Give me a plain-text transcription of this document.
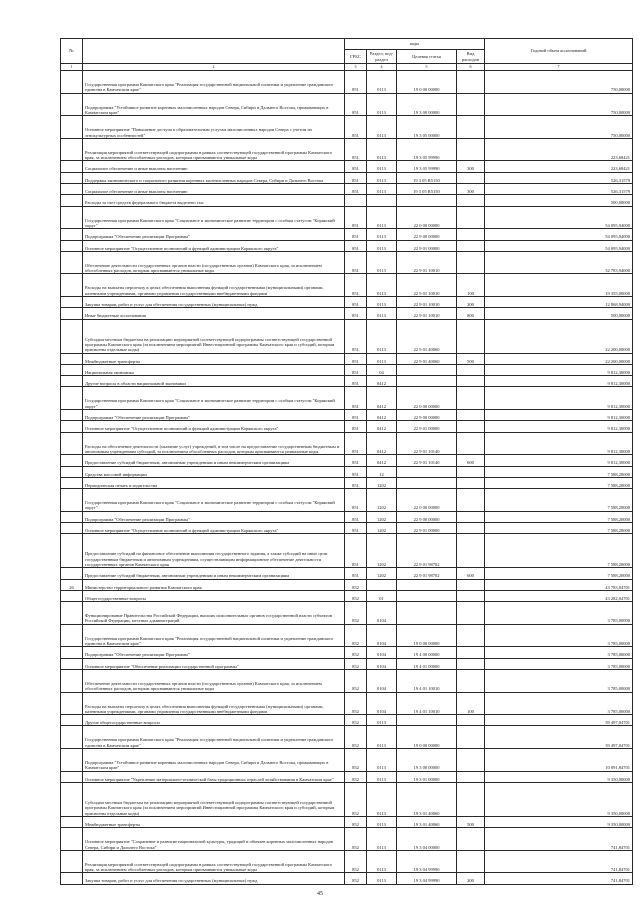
№		коды				Годовой объем ассигнований
		ГРБС	Раздел, под-раздел	Целевая статья	Вид расходов	
1	2	3	4	5	6	7
	Государственная программа Камчатского края "Реализация государственной национальной политики и укрепление гражданского единства в Камчатском крае"	851	0113	19 0 00 00000		750,00000
	Подпрограмма "Устойчивое развитие коренных малочисленных народов Севера, Сибири и Дальнего Востока, проживающих в Камчатском крае"	851	0113	19 3 00 00000		750,00000
	Основное мероприятие "Повышение доступа к образовательным услугам малочисленных народов Севера с учетом их этнокультурных особенностей"	851	0113	19 3 05 00000		750,00000
	Реализация мероприятий соответствующей подпрограммы в рамках соответствующей государственной программы Камчатского края, за исключением обособленных расходов, которым присваиваются уникальные коды	851	0113	19 3 05 99990		223,68421
	Социальное обеспечение и иные выплаты населению	851	0113	19 3 05 99990	300	223,68421
	Поддержка экономического и социального развития коренных малочисленных народов Севера, Сибири и Дальнего Востока	851	0113	19 3 05 R5150		526,31579
	Социальное обеспечение и иные выплаты населению	851	0113	19 3 05 R5150	300	526,31579
	Расходы за счет средств федерального бюджета выделено тыс					500,00000
	Государственная программа Камчатского края "Социальное и экономическое развитие территории с особым статусом "Корякский округ"	851	0113	22 0 00 00000		54 095,94000
	Подпрограмма "Обеспечение реализации Программы"	851	0113	22 9 00 00000		54 095,94000
	Основное мероприятие "Осуществление полномочий и функций администрации Корякского округа"	851	0113	22 9 01 00000		54 095,94000
	Обеспечение деятельности государственных органов власти (государственных органов) Камчатского края, за исключением обособленных расходов, которым присваиваются уникальные коды	851	0113	22 9 01 10010		32 783,94000
	Расходы на выплаты персоналу в целях обеспечения выполнения функций государственными (муниципальными) органами, казенными учреждениями, органами управления государственными внебюджетными фондами	851	0113	22 9 01 10010	100	19 355,00000
	Закупка товаров, работ и услуг для обеспечения государственных (муниципальных) нужд	851	0113	22 9 01 10010	200	12 868,94000
	Иные бюджетные ассигнования	851	0113	22 9 01 10010	800	500,00000
	Субсидии местным бюджетам на реализацию мероприятий соответствующей подпрограммы соответствующей государственной программы Камчатского края (за исключением мероприятий Инвестиционной программы Камчатского края и субсидий, которым присвоены отдельные коды)	851	0113	22 9 01 40060		22 200,00000
	Межбюджетные трансферты	851	0113	22 9 01 40060	500	22 200,00000
	Национальная экономика	851	04			9 812,30000
	Другие вопросы в области национальной экономики	851	0412			9 812,30000
	Государственная программа Камчатского края "Социальное и экономическое развитие территории с особым статусом "Корякский округ"	851	0412	22 0 00 00000		9 812,30000
	Подпрограмма "Обеспечение реализации Программы"	851	0412	22 9 00 00000		9 812,30000
	Основное мероприятие "Осуществление полномочий и функций администрации Корякского округа"	851	0412	22 9 01 00000		9 812,30000
	Расходы на обеспечение деятельности (оказание услуг) учреждений, в том числе на предоставление государственным бюджетным и автономным учреждениям субсидий, за исключением обособленных расходов, которым присваиваются уникальные коды	851	0412	22 9 01 10140		9 812,30000
	Предоставление субсидий бюджетным, автономным учреждениям и иным некоммерческим организациям	851	0412	22 9 01 10140	600	9 812,30000
	Средства массовой информации	851	12			7 588,20000
	Периодическая печать и издательства	851	1202			7 588,20000
	Государственная программа Камчатского края "Социальное и экономическое развитие территории с особым статусом "Корякский округ"	851	1202	22 0 00 00000		7 588,20000
	Подпрограмма "Обеспечение реализации Программы"	851	1202	22 9 00 00000		7 588,20000
	Основное мероприятие "Осуществление полномочий и функций администрации Корякского округа"	851	1202	22 9 01 00000		7 588,20000
	Предоставление субсидий на финансовое обеспечение выполнения государственного задания, а также субсидий на иные цели государственным бюджетным и автономным учреждениям, осуществляющим информационное обеспечение деятельности государственных органов Камчатского края	851	1202	22 9 01 98702		7 588,20000
	Предоставление субсидий бюджетным, автономным учреждениям и иным некоммерческим организациям	851	1202	22 9 01 98702	600	7 588,20000
26	Министерство территориального развития Камчатского края	852				43 783,04701
	Общегосударственные вопросы	852	01			43 282,04701
	Функционирование Правительства Российской Федерации, высших исполнительных органов государственной власти субъектов Российской Федерации, местных администраций	852	0104			3 785,00000
	Государственная программа Камчатского края "Реализация государственной национальной политики и укрепление гражданского единства в Камчатском крае"	852	0104	19 0 00 00000		3 785,00000
	Подпрограмма "Обеспечение реализации Программы"	852	0104	19 4 00 00000		3 785,00000
	Основное мероприятие "Обеспечение реализации государственной программы"	852	0104	19 4 01 00000		3 785,00000
	Обеспечение деятельности государственных органов власти (государственных органов) Камчатского края, за исключением обособленных расходов, которым присваиваются уникальные коды	852	0104	19 4 01 10010		3 785,00000
	Расходы на выплаты персоналу в целях обеспечения выполнения функций государственными (муниципальными) органами, казенными учреждениями, органами управления государственными внебюджетными фондами	852	0104	19 4 01 10010	100	3 785,00000
	Другие общегосударственные вопросы	852	0113			39 497,04701
	Государственная программа Камчатского края "Реализация государственной национальной политики и укрепление гражданского единства в Камчатском крае"	852	0113	19 0 00 00000		39 497,04701
	Подпрограмма "Устойчивое развитие коренных малочисленных народов Севера, Сибири и Дальнего Востока, проживающих в Камчатском крае"	852	0113	19 3 00 00000		10 091,84701
	Основное мероприятие "Укрепление материально-технической базы традиционных отраслей хозяйствования в Камчатском крае"	852	0113	19 3 01 00000		9 350,00000
	Субсидии местным бюджетам на реализацию мероприятий соответствующей подпрограммы соответствующей государственной программы Камчатского края (за исключением мероприятий Инвестиционной программы Камчатского края и субсидий, которым присвоены отдельные коды)	852	0113	19 3 01 40060		9 350,00000
	Межбюджетные трансферты	852	0113	19 3 01 40060	500	9 350,00000
	Основное мероприятие "Сохранение и развитие национальной культуры, традиций и обычаев коренных малочисленных народов Севера, Сибири и Дальнего Востока"	852	0113	19 3 04 00000		741,84701
	Реализация мероприятий соответствующей подпрограммы в рамках соответствующей государственной программы Камчатского края, за исключением обособленных расходов, которым присваиваются уникальные коды	852	0113	19 3 04 99990		741,84701
	Закупка товаров, работ и услуг для обеспечения государственных (муниципальных) нужд	852	0113	19 3 04 99990	200	741,84701
45
